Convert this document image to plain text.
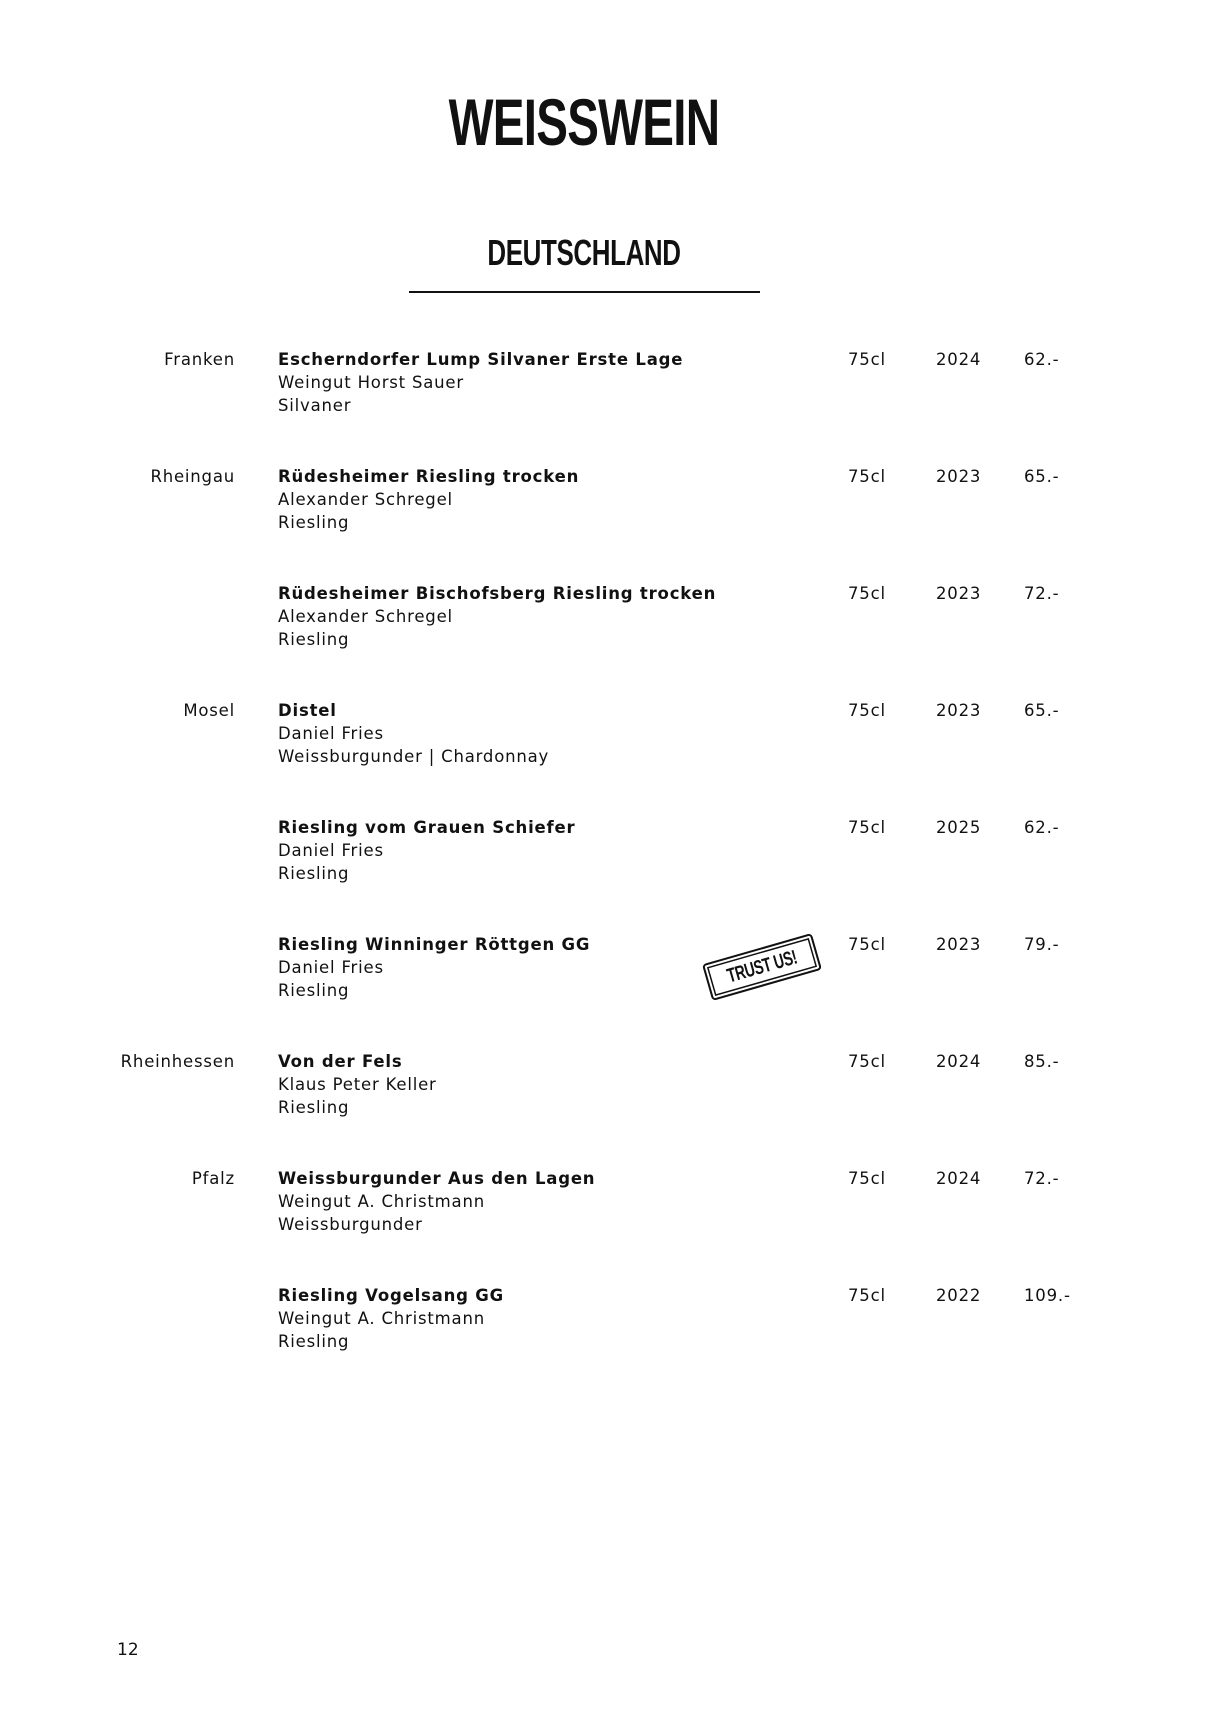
WEISSWEIN
DEUTSCHLAND
Franken	Escherndorfer Lump Silvaner Erste Lage
Weingut Horst Sauer
Silvaner
75cl	2024	62.-
Rheingau	Rüdesheimer Riesling trocken
Alexander Schregel
Riesling
75cl	2023	65.-
Rüdesheimer Bischofsberg Riesling trocken
Alexander Schregel
Riesling
75cl	2023	72.-
Mosel	Distel
Daniel Fries
Weissburgunder | Chardonnay
75cl	2023	65.-
Riesling vom Grauen Schiefer
Daniel Fries
Riesling
75cl	2025	62.-
Riesling Winninger Röttgen GG
Daniel Fries
Riesling
75cl	2023	79.-
Rheinhessen	Von der Fels
Klaus Peter Keller
Riesling
75cl	2024	85.-
Pfalz	Weissburgunder Aus den Lagen
Weingut A. Christmann
Weissburgunder
75cl	2024	72.-
Riesling Vogelsang GG
Weingut A. Christmann
Riesling
75cl	2022	109.-
TRUST US!
12
